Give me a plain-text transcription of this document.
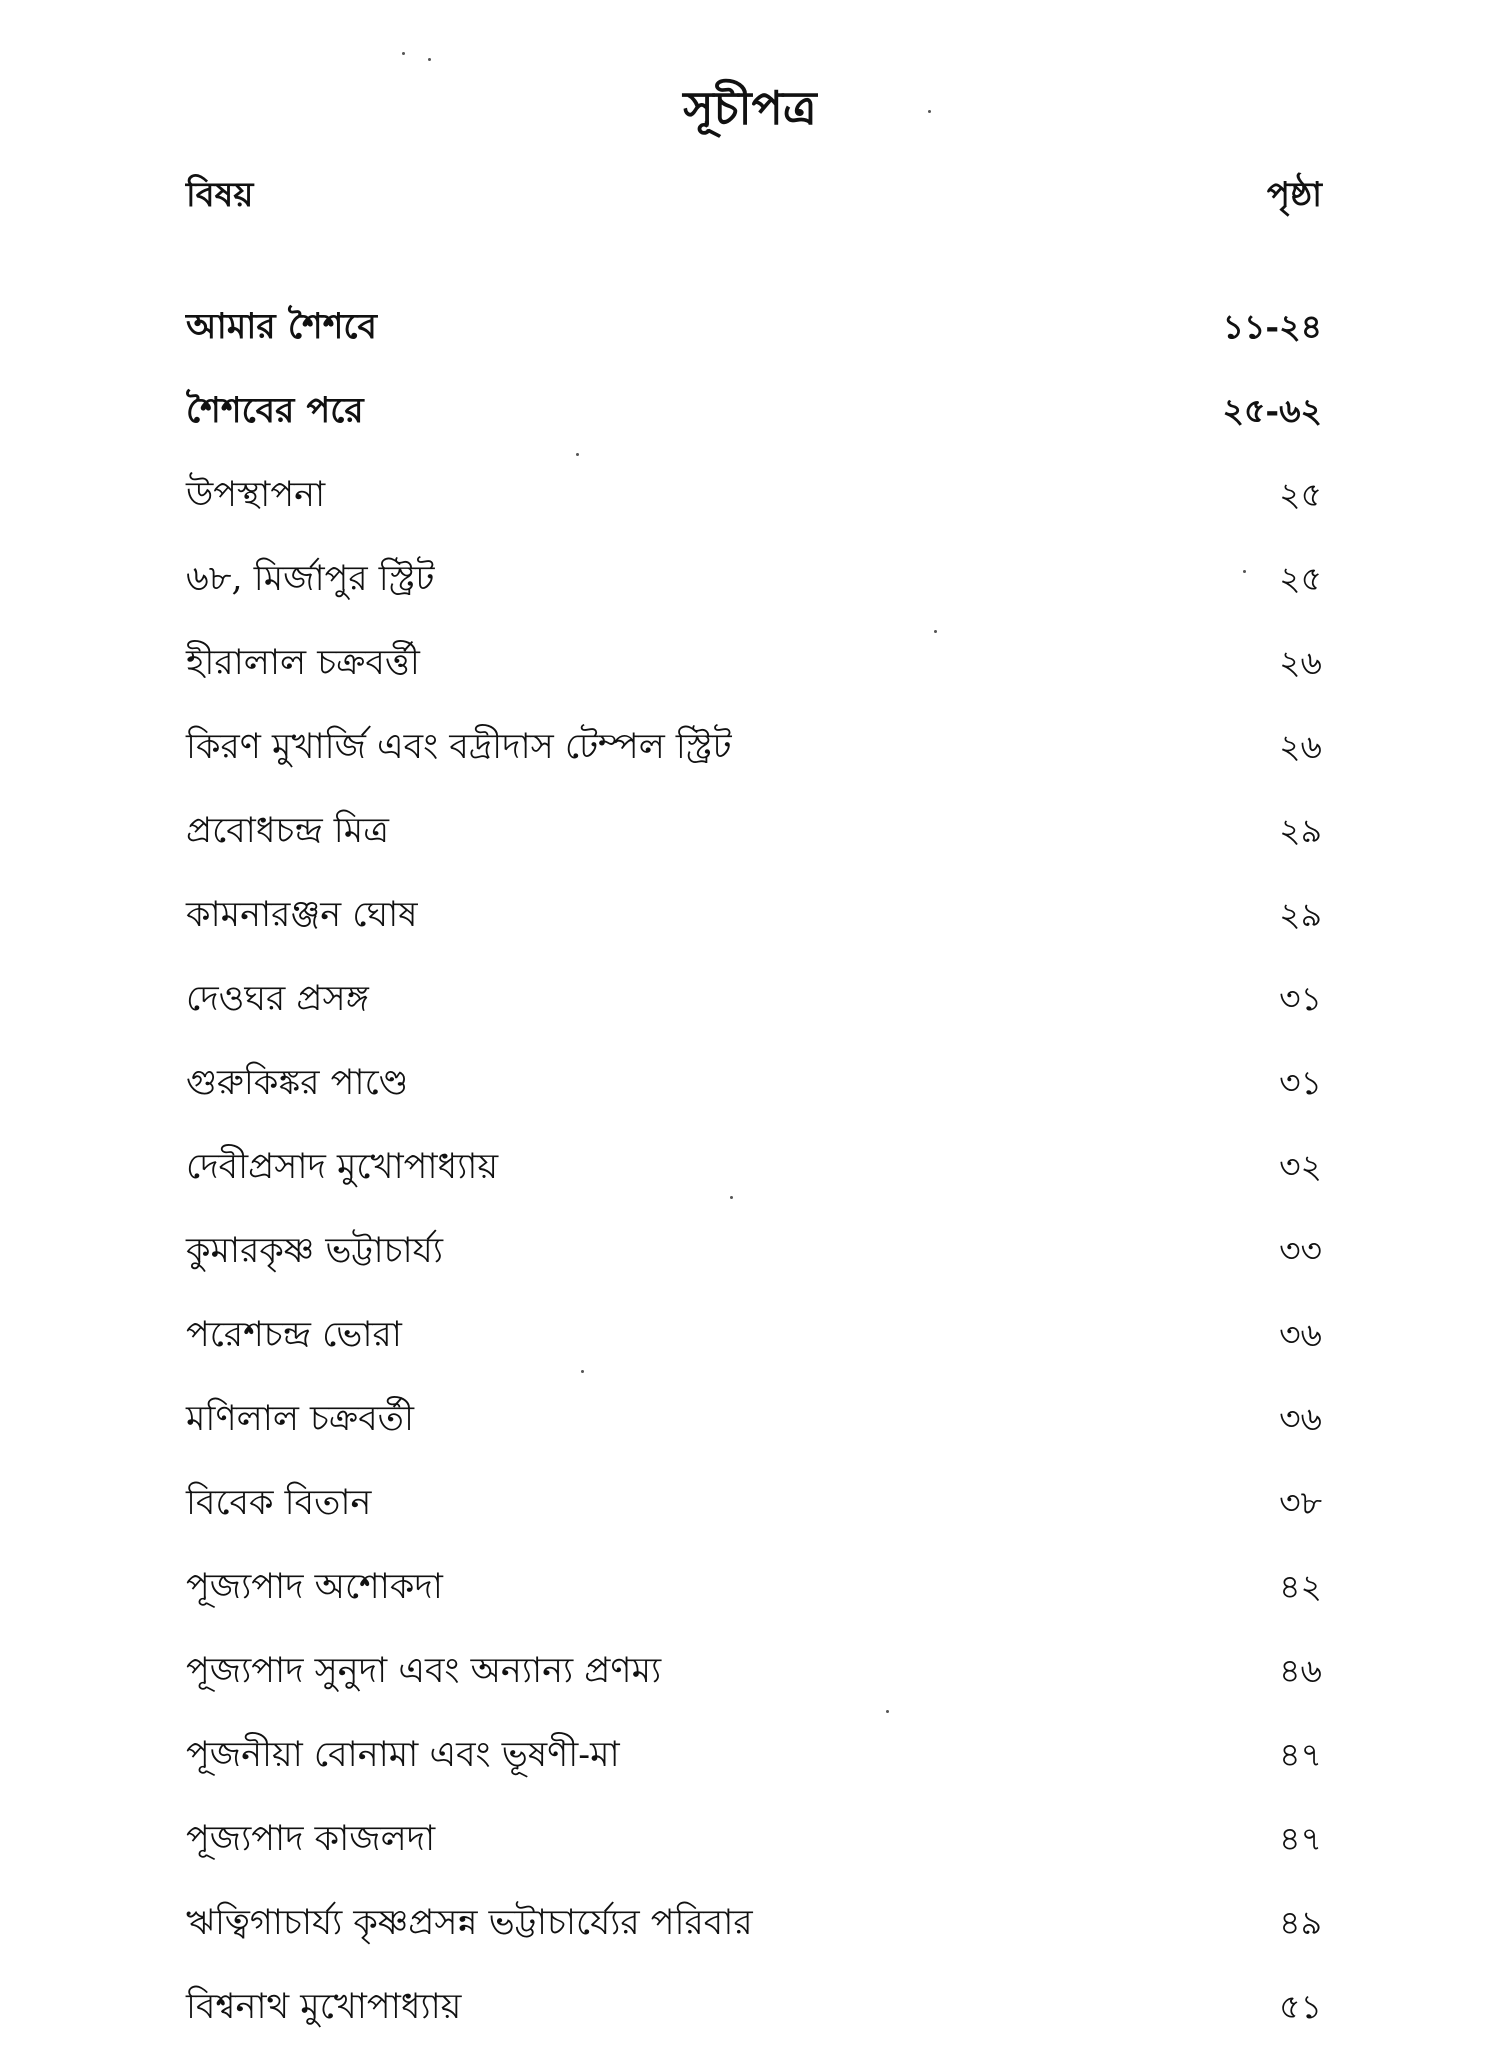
সূচীপত্র
বিষয়	পৃষ্ঠা
আমার শৈশবে	১১-২৪
শৈশবের পরে	২৫-৬২
উপস্থাপনা	২৫
৬৮, মির্জাপুর স্ট্রিট	২৫
হীরালাল চক্রবর্ত্তী	২৬
কিরণ মুখার্জি এবং বদ্রীদাস টেম্পল স্ট্রিট	২৬
প্রবোধচন্দ্র মিত্র	২৯
কামনারঞ্জন ঘোষ	২৯
দেওঘর প্রসঙ্গ	৩১
গুরুকিঙ্কর পাণ্ডে	৩১
দেবীপ্রসাদ মুখোপাধ্যায়	৩২
কুমারকৃষ্ণ ভট্টাচার্য্য	৩৩
পরেশচন্দ্র ভোরা	৩৬
মণিলাল চক্রবর্তী	৩৬
বিবেক বিতান	৩৮
পূজ্যপাদ অশোকদা	৪২
পূজ্যপাদ সুনুদা এবং অন্যান্য প্রণম্য	৪৬
পূজনীয়া বোনামা এবং ভূষণী-মা	৪৭
পূজ্যপাদ কাজলদা	৪৭
ঋত্বিগাচার্য্য কৃষ্ণপ্রসন্ন ভট্টাচার্য্যের পরিবার	৪৯
বিশ্বনাথ মুখোপাধ্যায়	৫১
